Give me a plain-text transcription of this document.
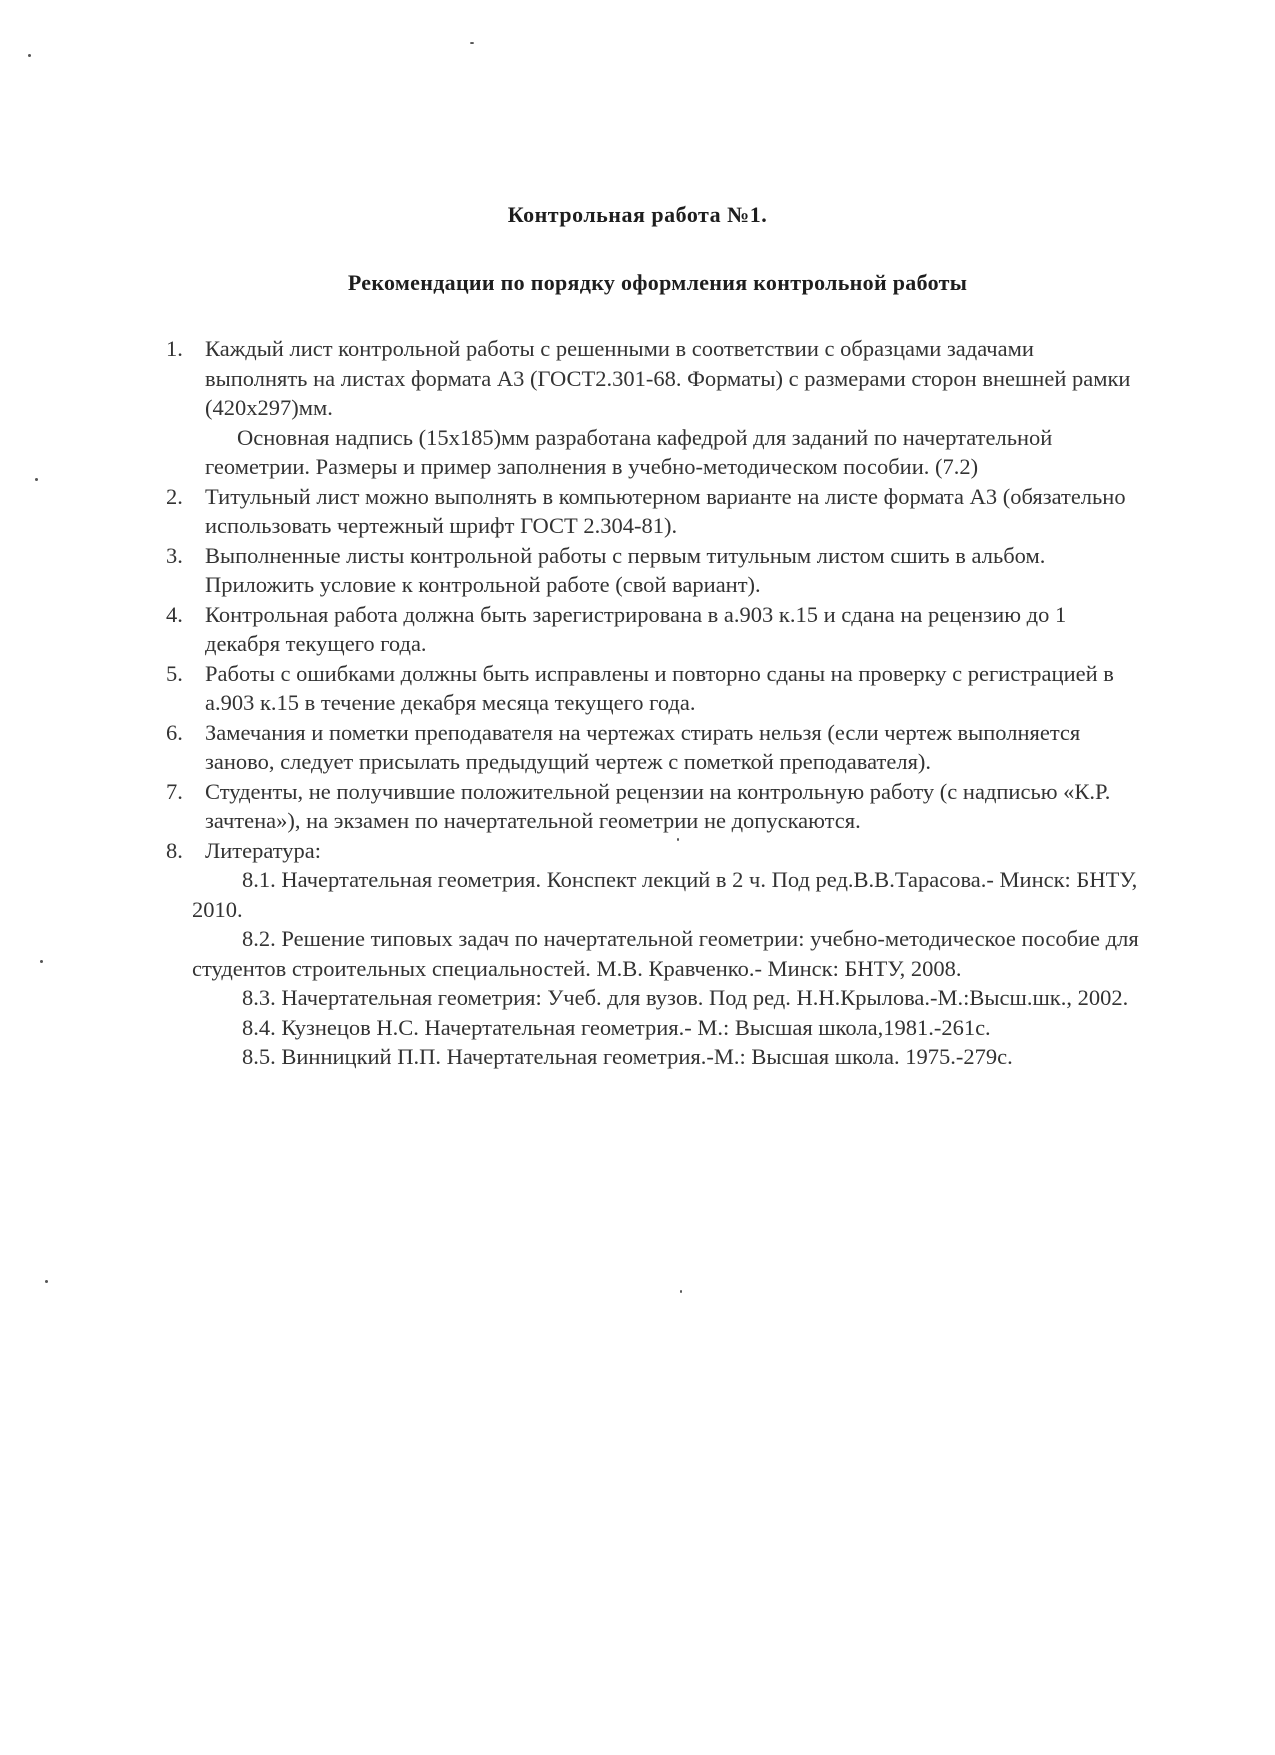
Контрольная работа №1.
Рекомендации по порядку оформления контрольной работы
1. Каждый лист контрольной работы с решенными в соответствии с образцами задачами выполнять на листах формата А3 (ГОСТ2.301-68. Форматы) с размерами сторон внешней рамки (420х297)мм.
Основная надпись (15х185)мм разработана кафедрой для заданий по начертательной геометрии. Размеры и пример заполнения в учебно-методическом пособии. (7.2)
2. Титульный лист можно выполнять в компьютерном варианте на листе формата А3 (обязательно использовать чертежный шрифт ГОСТ 2.304-81).
3. Выполненные листы контрольной работы с первым титульным листом сшить в альбом. Приложить условие к контрольной работе (свой вариант).
4. Контрольная работа должна быть зарегистрирована в а.903 к.15 и сдана на рецензию до 1 декабря текущего года.
5. Работы с ошибками должны быть исправлены и повторно сданы на проверку с регистрацией в а.903 к.15 в течение декабря месяца текущего года.
6. Замечания и пометки преподавателя на чертежах стирать нельзя (если чертеж выполняется заново, следует присылать предыдущий чертеж с пометкой преподавателя).
7. Студенты, не получившие положительной рецензии на контрольную работу (с надписью «К.Р. зачтена»), на экзамен по начертательной геометрии не допускаются.
8. Литература:
8.1. Начертательная геометрия. Конспект лекций в 2 ч. Под ред.В.В.Тарасова.- Минск: БНТУ, 2010.
8.2. Решение типовых задач по начертательной геометрии: учебно-методическое пособие для студентов строительных специальностей. М.В. Кравченко.- Минск: БНТУ, 2008.
8.3. Начертательная геометрия: Учеб. для вузов. Под ред. Н.Н.Крылова.-М.:Высш.шк., 2002.
8.4. Кузнецов Н.С. Начертательная геометрия.- М.: Высшая школа,1981.-261с.
8.5. Винницкий П.П. Начертательная геометрия.-М.: Высшая школа. 1975.-279с.
